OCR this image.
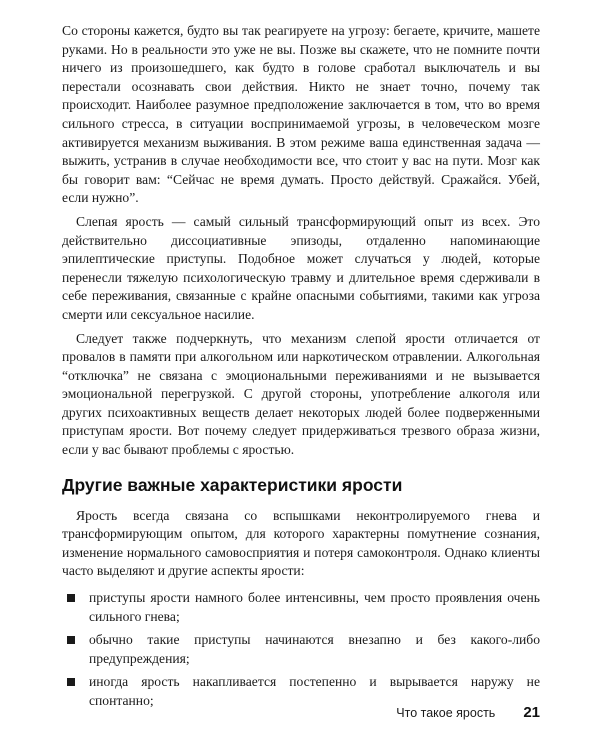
Со стороны кажется, будто вы так реагируете на угрозу: бегаете, кричите, машете руками. Но в реальности это уже не вы. Позже вы скажете, что не помните почти ничего из произошедшего, как будто в голове сработал выключатель и вы перестали осознавать свои действия. Никто не знает точно, почему так происходит. Наиболее разумное предположение заключается в том, что во время сильного стресса, в ситуации воспринимаемой угрозы, в человеческом мозге активируется механизм выживания. В этом режиме ваша единственная задача — выжить, устранив в случае необходимости все, что стоит у вас на пути. Мозг как бы говорит вам: “Сейчас не время думать. Просто действуй. Сражайся. Убей, если нужно”.

Слепая ярость — самый сильный трансформирующий опыт из всех. Это действительно диссоциативные эпизоды, отдаленно напоминающие эпилептические приступы. Подобное может случаться у людей, которые перенесли тяжелую психологическую травму и длительное время сдерживали в себе переживания, связанные с крайне опасными событиями, такими как угроза смерти или сексуальное насилие.

Следует также подчеркнуть, что механизм слепой ярости отличается от провалов в памяти при алкогольном или наркотическом отравлении. Алкогольная “отключка” не связана с эмоциональными переживаниями и не вызывается эмоциональной перегрузкой. С другой стороны, употребление алкоголя или других психоактивных веществ делает некоторых людей более подверженными приступам ярости. Вот почему следует придерживаться трезвого образа жизни, если у вас бывают проблемы с яростью.

Другие важные характеристики ярости

Ярость всегда связана со вспышками неконтролируемого гнева и трансформирующим опытом, для которого характерны помутнение сознания, изменение нормального самовосприятия и потеря самоконтроля. Однако клиенты часто выделяют и другие аспекты ярости:

приступы ярости намного более интенсивны, чем просто проявления очень сильного гнева;
обычно такие приступы начинаются внезапно и без какого-либо предупреждения;
иногда ярость накапливается постепенно и вырывается наружу не спонтанно;
Что такое ярость 21
